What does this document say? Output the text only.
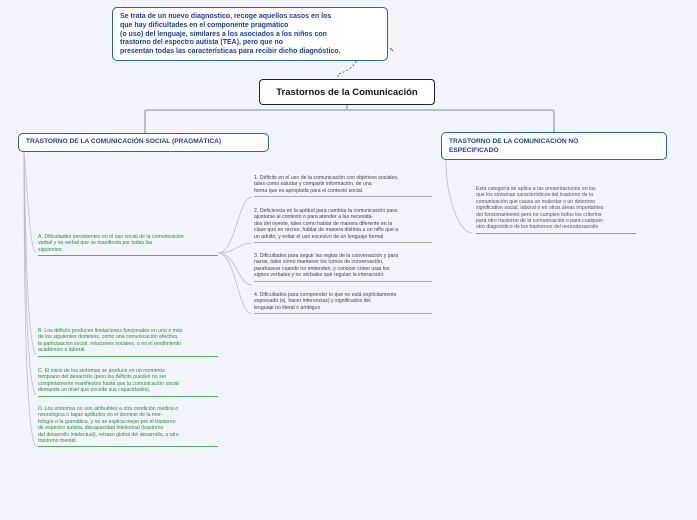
Se trata de un nuevo diagnostico, recoge aquellos casos en los
que hay dificultades en el componente pragmático
(o uso) del lenguaje, similares a los asociados a los niños con
trastorno del espectro autista (TEA), pero que no
presentan todas las características para recibir dicho diagnóstico.
Trastornos de la Comunicación
TRASTORNO DE LA COMUNICACIÓN SOCIAL (PRAGMÁTICA)	TRASTORNO DE LA COMUNICACIÓN NO
ESPECIFICADO
A. Dificultades persistentes en el uso social de la comunicación
verbal y no verbal que se manifiesta por todas las
siguientes:
B. Los déficits producen limitaciones funcionales en uno o más
de los siguientes dominios, como una comunicación efectiva,
la participación social, relaciones sociales, o en el rendimiento
académico o laboral.
C. El inicio de los síntomas se produce en un momento
temprano del desarrollo (pero los déficits pueden no ser
completamente manifiestos hasta que la comunicación social
demanda un nivel que excede sus capacidades).
D. Los síntomas no son atribuibles a otra condición médica o
neurológica o bajas aptitudes en el dominio de la mor-
fología o la gramática, y no se explica mejor por el trastorno
de espectro autista, discapacidad intelectual (trastorno
del desarrollo intelectual), retraso global del desarrollo, u otro
trastorno mental.
1. Déficits en el uso de la comunicación con objetivos sociales,
tales como saludar y compartir información, de una
forma que es apropiada para el contexto social.
2. Deficiencia en la aptitud para cambiar la comunicación para
ajustarse al contexto o para atender a las necesida-
des del oyente, tales como hablar de manera diferente en la
clase que en recreo, hablar de manera distinta a un niño que a
un adulto, y evitar el uso excesivo de un lenguaje formal.
3. Dificultades para seguir las reglas de la conversación y para
narrar, tales como mantener los turnos de conversación,
parafrasear cuando no entienden, y conocer cómo usar los
signos verbales y no verbales que regulan la interacción.
4. Dificultades para comprender lo que no está explícitamente
expresado (ej. hacer inferencias) y significados del
lenguaje no literal o ambiguo
Esta categoría se aplica a las presentaciones en las
que los síntomas característicos del trastorno de la
comunicación que causa un malestar o un deterioro
significativo social, laboral o en otras áreas importantes
del funcionamiento pero no cumplen todos los criterios
para otro trastorno de la comunicación o para cualquier
otro diagnóstico de los trastornos del neurodesarrollo
